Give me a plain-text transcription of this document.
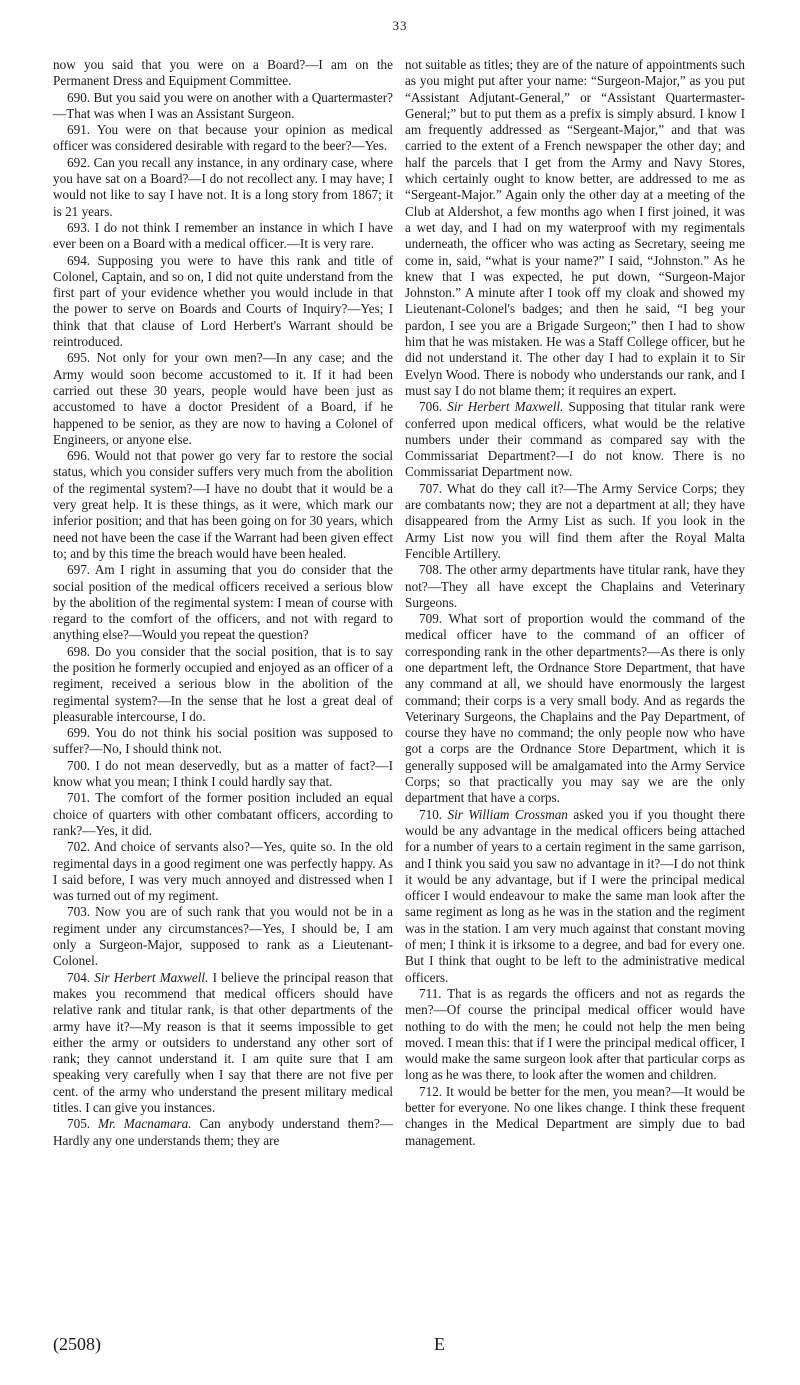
33

now you said that you were on a Board?—I am on the Permanent Dress and Equipment Committee.

690. But you said you were on another with a Quartermaster?—That was when I was an Assistant Surgeon.

691. You were on that because your opinion as medical officer was considered desirable with regard to the beer?—Yes.

692. Can you recall any instance, in any ordinary case, where you have sat on a Board?—I do not recollect any. I may have; I would not like to say I have not. It is a long story from 1867; it is 21 years.

693. I do not think I remember an instance in which I have ever been on a Board with a medical officer.—It is very rare.

694. Supposing you were to have this rank and title of Colonel, Captain, and so on, I did not quite understand from the first part of your evidence whether you would include in that the power to serve on Boards and Courts of Inquiry?—Yes; I think that that clause of Lord Herbert's Warrant should be reintroduced.

695. Not only for your own men?—In any case; and the Army would soon become accustomed to it. If it had been carried out these 30 years, people would have been just as accustomed to have a doctor President of a Board, if he happened to be senior, as they are now to having a Colonel of Engineers, or anyone else.

696. Would not that power go very far to restore the social status, which you consider suffers very much from the abolition of the regimental system?—I have no doubt that it would be a very great help. It is these things, as it were, which mark our inferior position; and that has been going on for 30 years, which need not have been the case if the Warrant had been given effect to; and by this time the breach would have been healed.

697. Am I right in assuming that you do consider that the social position of the medical officers received a serious blow by the abolition of the regimental system: I mean of course with regard to the comfort of the officers, and not with regard to anything else?—Would you repeat the question?

698. Do you consider that the social position, that is to say the position he formerly occupied and enjoyed as an officer of a regiment, received a serious blow in the abolition of the regimental system?—In the sense that he lost a great deal of pleasurable intercourse, I do.

699. You do not think his social position was supposed to suffer?—No, I should think not.

700. I do not mean deservedly, but as a matter of fact?—I know what you mean; I think I could hardly say that.

701. The comfort of the former position included an equal choice of quarters with other combatant officers, according to rank?—Yes, it did.

702. And choice of servants also?—Yes, quite so. In the old regimental days in a good regiment one was perfectly happy. As I said before, I was very much annoyed and distressed when I was turned out of my regiment.

703. Now you are of such rank that you would not be in a regiment under any circumstances?—Yes, I should be, I am only a Surgeon-Major, supposed to rank as a Lieutenant-Colonel.

704. Sir Herbert Maxwell. I believe the principal reason that makes you recommend that medical officers should have relative rank and titular rank, is that other departments of the army have it?—My reason is that it seems impossible to get either the army or outsiders to understand any other sort of rank; they cannot understand it. I am quite sure that I am speaking very carefully when I say that there are not five per cent. of the army who understand the present military medical titles. I can give you instances.

705. Mr. Macnamara. Can anybody understand them?—Hardly any one understands them; they are

not suitable as titles; they are of the nature of appointments such as you might put after your name: “Surgeon-Major,” as you put “Assistant Adjutant-General,” or “Assistant Quartermaster-General;” but to put them as a prefix is simply absurd. I know I am frequently addressed as “Sergeant-Major,” and that was carried to the extent of a French newspaper the other day; and half the parcels that I get from the Army and Navy Stores, which certainly ought to know better, are addressed to me as “Sergeant-Major.” Again only the other day at a meeting of the Club at Aldershot, a few months ago when I first joined, it was a wet day, and I had on my waterproof with my regimentals underneath, the officer who was acting as Secretary, seeing me come in, said, “what is your name?” I said, “Johnston.” As he knew that I was expected, he put down, “Surgeon-Major Johnston.” A minute after I took off my cloak and showed my Lieutenant-Colonel's badges; and then he said, “I beg your pardon, I see you are a Brigade Surgeon;” then I had to show him that he was mistaken. He was a Staff College officer, but he did not understand it. The other day I had to explain it to Sir Evelyn Wood. There is nobody who understands our rank, and I must say I do not blame them; it requires an expert.

706. Sir Herbert Maxwell. Supposing that titular rank were conferred upon medical officers, what would be the relative numbers under their command as compared say with the Commissariat Department?—I do not know. There is no Commissariat Department now.

707. What do they call it?—The Army Service Corps; they are combatants now; they are not a department at all; they have disappeared from the Army List as such. If you look in the Army List now you will find them after the Royal Malta Fencible Artillery.

708. The other army departments have titular rank, have they not?—They all have except the Chaplains and Veterinary Surgeons.

709. What sort of proportion would the command of the medical officer have to the command of an officer of corresponding rank in the other departments?—As there is only one department left, the Ordnance Store Department, that have any command at all, we should have enormously the largest command; their corps is a very small body. And as regards the Veterinary Surgeons, the Chaplains and the Pay Department, of course they have no command; the only people now who have got a corps are the Ordnance Store Department, which it is generally supposed will be amalgamated into the Army Service Corps; so that practically you may say we are the only department that have a corps.

710. Sir William Crossman asked you if you thought there would be any advantage in the medical officers being attached for a number of years to a certain regiment in the same garrison, and I think you said you saw no advantage in it?—I do not think it would be any advantage, but if I were the principal medical officer I would endeavour to make the same man look after the same regiment as long as he was in the station and the regiment was in the station. I am very much against that constant moving of men; I think it is irksome to a degree, and bad for every one. But I think that ought to be left to the administrative medical officers.

711. That is as regards the officers and not as regards the men?—Of course the principal medical officer would have nothing to do with the men; he could not help the men being moved. I mean this: that if I were the principal medical officer, I would make the same surgeon look after that particular corps as long as he was there, to look after the women and children.

712. It would be better for the men, you mean?—It would be better for everyone. No one likes change. I think these frequent changes in the Medical Department are simply due to bad management.

(2508)	E
